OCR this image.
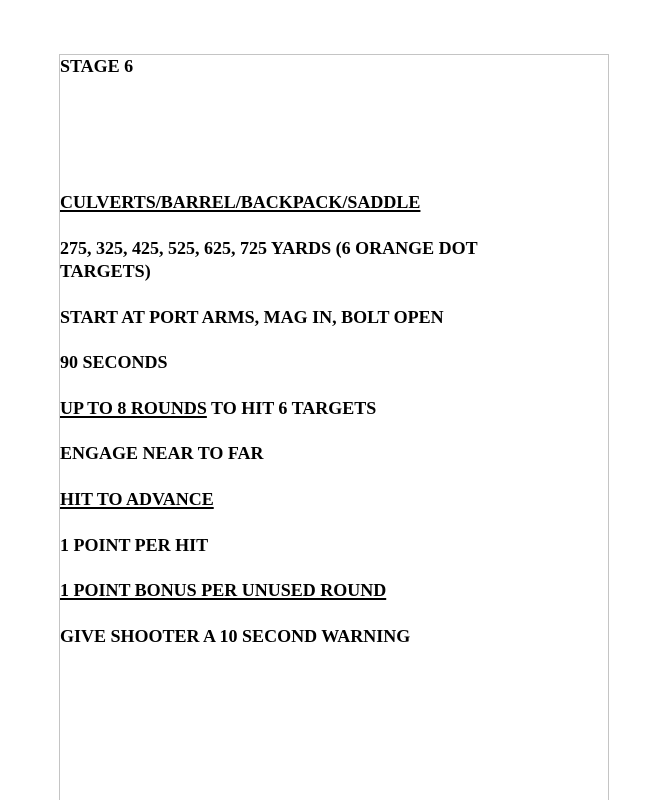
STAGE 6

CULVERTS/BARREL/BACKPACK/SADDLE

275, 325, 425, 525, 625, 725 YARDS (6 ORANGE DOT

TARGETS)

START AT PORT ARMS, MAG IN, BOLT OPEN

90 SECONDS

UP TO 8 ROUNDS TO HIT 6 TARGETS

ENGAGE NEAR TO FAR

HIT TO ADVANCE

1 POINT PER HIT

1 POINT BONUS PER UNUSED ROUND

GIVE SHOOTER A 10 SECOND WARNING
